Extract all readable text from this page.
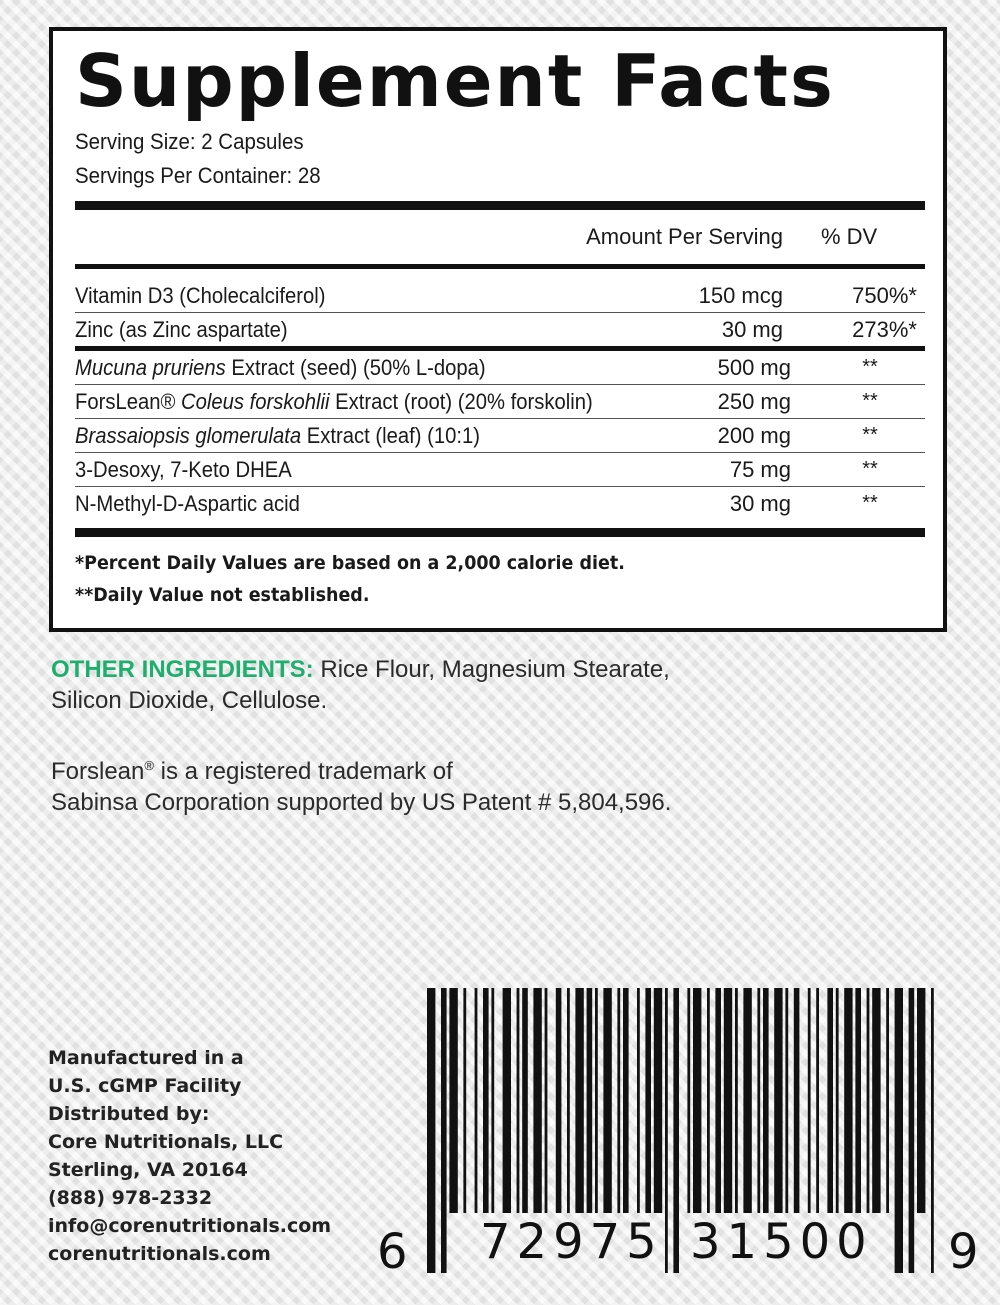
Supplement Facts
Serving Size: 2 Capsules
Servings Per Container: 28
Amount Per Serving	% DV
Vitamin D3 (Cholecalciferol)	150 mcg	750%*
Zinc (as Zinc aspartate)	30 mg	273%*
Mucuna pruriens Extract (seed) (50% L-dopa)	500 mg	**
ForsLean® Coleus forskohlii Extract (root) (20% forskolin)	250 mg	**
Brassaiopsis glomerulata Extract (leaf) (10:1)	200 mg	**
3-Desoxy, 7-Keto DHEA	75 mg	**
N-Methyl-D-Aspartic acid	30 mg	**
*Percent Daily Values are based on a 2,000 calorie diet.
**Daily Value not established.
OTHER INGREDIENTS: Rice Flour, Magnesium Stearate,
Silicon Dioxide, Cellulose.
Forslean® is a registered trademark of
Sabinsa Corporation supported by US Patent # 5,804,596.
Manufactured in a
U.S. cGMP Facility
Distributed by:
Core Nutritionals, LLC
Sterling, VA 20164
(888) 978-2332
info@corenutritionals.com
corenutritionals.com	6 72975 31500 9
